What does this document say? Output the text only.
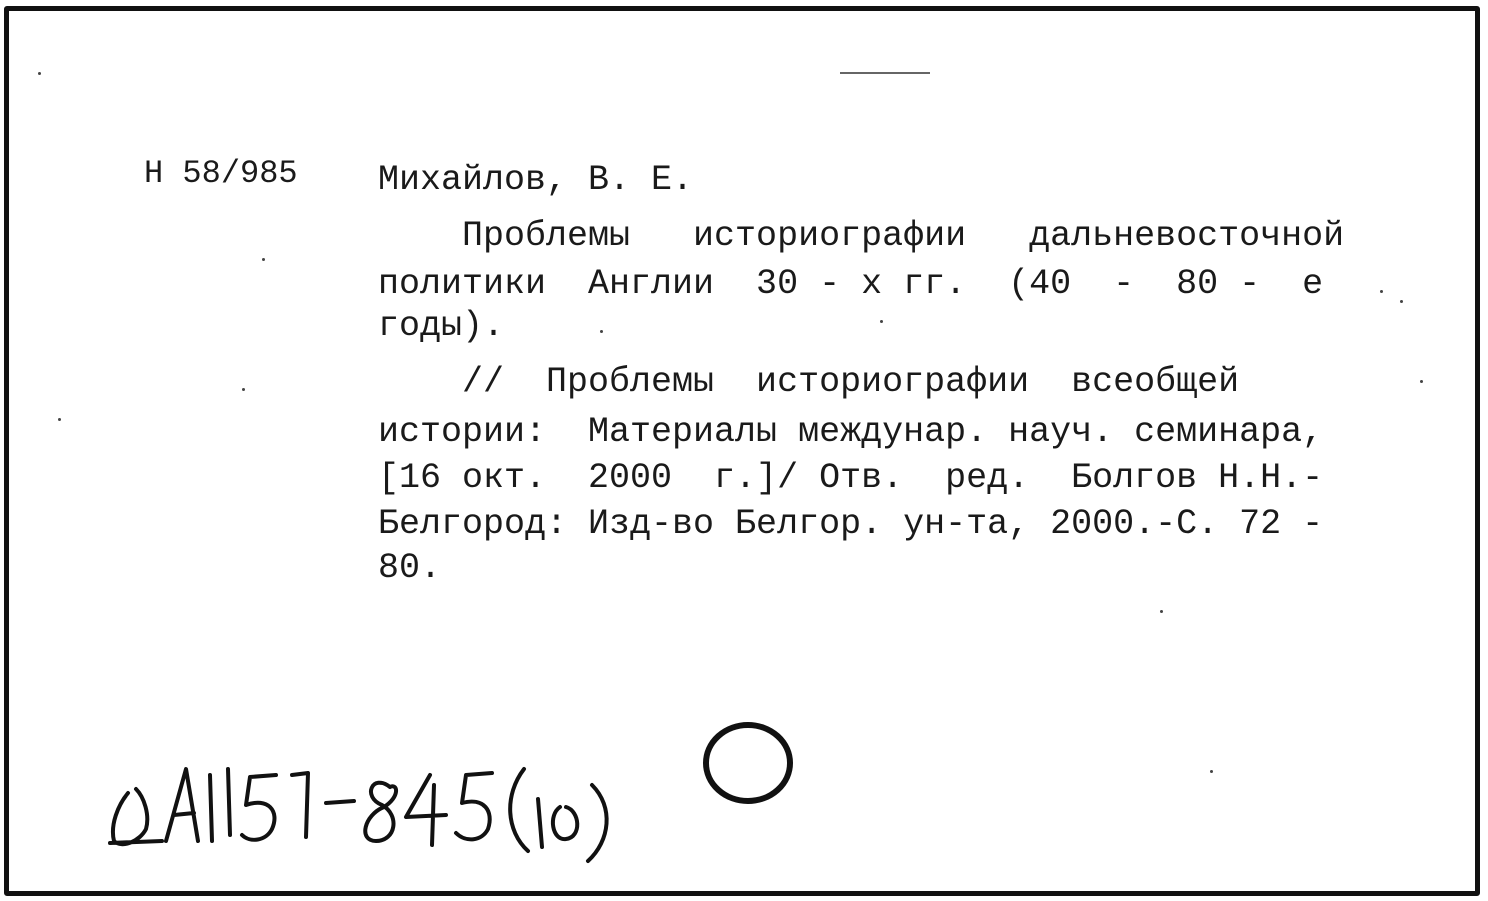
Н 58/985 Михайлов, В. Е.
Проблемы   историографии   дальневосточной
политики  Англии  30 - х гг.  (40  -  80 -  е
годы).
//  Проблемы  историографии  всеобщей
истории:  Материалы междунар. науч. семинара,
[16 окт.  2000  г.]/ Отв.  ред.  Болгов Н.Н.-
Белгород: Изд-во Белгор. ун-та, 2000.-С. 72 -
80.
